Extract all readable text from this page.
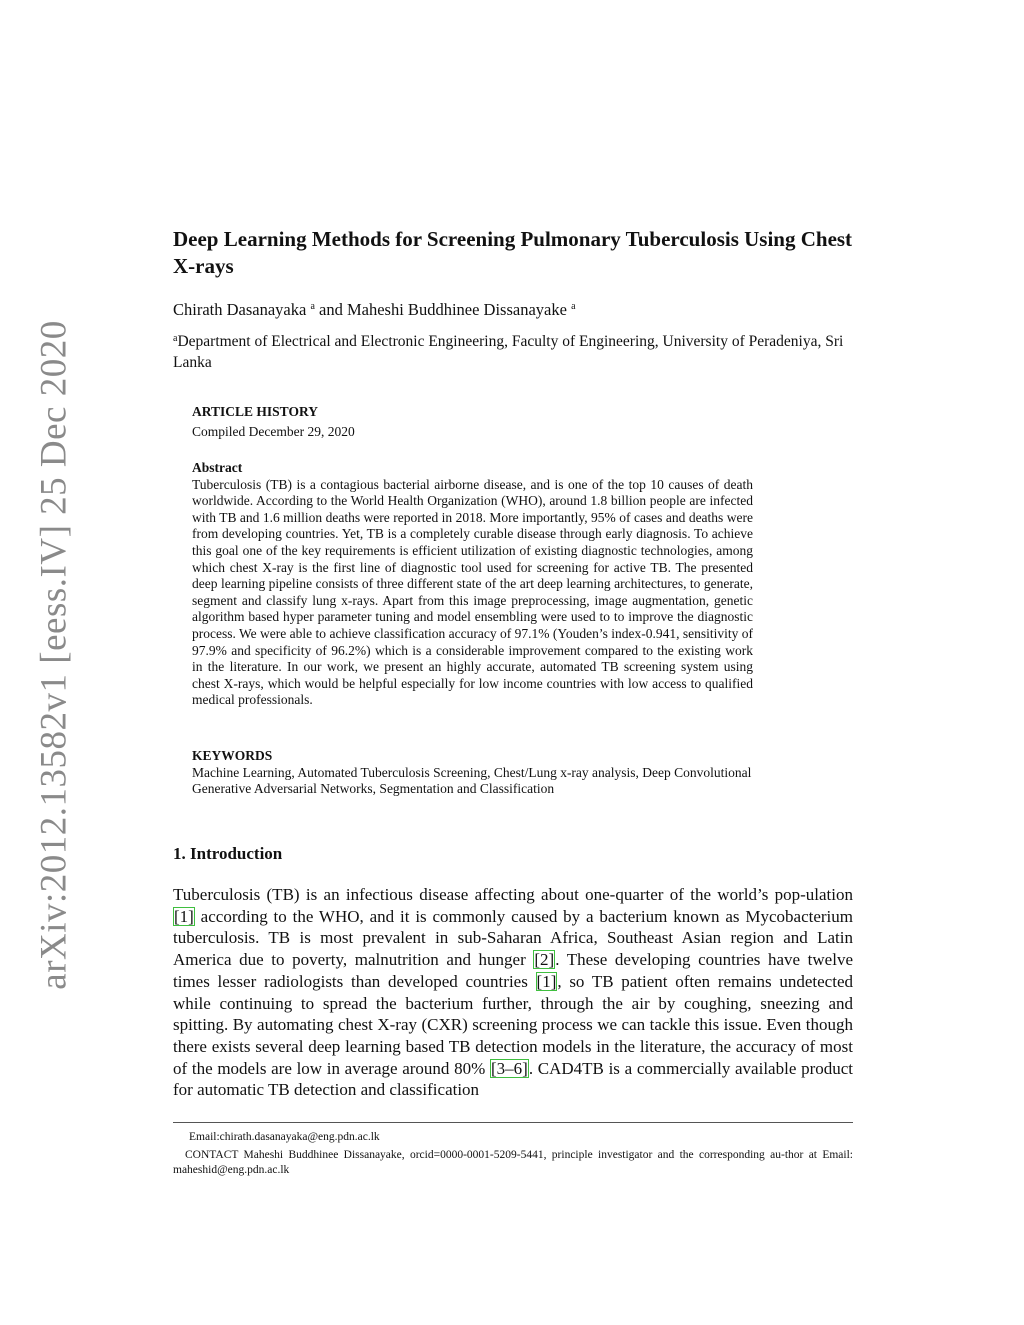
arXiv:2012.13582v1 [eess.IV] 25 Dec 2020
Deep Learning Methods for Screening Pulmonary Tuberculosis Using Chest X-rays
Chirath Dasanayaka $^a$ and Maheshi Buddhinee Dissanayake $^a$
$^a$Department of Electrical and Electronic Engineering, Faculty of Engineering, University of Peradeniya, Sri Lanka
ARTICLE HISTORY
Compiled December 29, 2020
Abstract
Tuberculosis (TB) is a contagious bacterial airborne disease, and is one of the top 10 causes of death worldwide. According to the World Health Organization (WHO), around 1.8 billion people are infected with TB and 1.6 million deaths were reported in 2018. More importantly, 95% of cases and deaths were from developing countries. Yet, TB is a completely curable disease through early diagnosis. To achieve this goal one of the key requirements is efficient utilization of existing diagnostic technologies, among which chest X-ray is the first line of diagnostic tool used for screening for active TB. The presented deep learning pipeline consists of three different state of the art deep learning architectures, to generate, segment and classify lung x-rays. Apart from this image preprocessing, image augmentation, genetic algorithm based hyper parameter tuning and model ensembling were used to to improve the diagnostic process. We were able to achieve classification accuracy of 97.1% (Youden’s index-0.941, sensitivity of 97.9% and specificity of 96.2%) which is a considerable improvement compared to the existing work in the literature. In our work, we present an highly accurate, automated TB screening system using chest X-rays, which would be helpful especially for low income countries with low access to qualified medical professionals.
KEYWORDS
Machine Learning, Automated Tuberculosis Screening, Chest/Lung x-ray analysis, Deep Convolutional Generative Adversarial Networks, Segmentation and Classification
1. Introduction

Tuberculosis (TB) is an infectious disease affecting about one-quarter of the world’s pop-ulation [1] according to the WHO, and it is commonly caused by a bacterium known as Mycobacterium tuberculosis. TB is most prevalent in sub-Saharan Africa, Southeast Asian region and Latin America due to poverty, malnutrition and hunger [2]. These developing countries have twelve times lesser radiologists than developed countries [1], so TB patient often remains undetected while continuing to spread the bacterium further, through the air by coughing, sneezing and spitting. By automating chest X-ray (CXR) screening process we can tackle this issue. Even though there exists several deep learning based TB detection models in the literature, the accuracy of most of the models are low in average around 80% [3–6]. CAD4TB is a commercially available product for automatic TB detection and classification

Email:chirath.dasanayaka@eng.pdn.ac.lk
CONTACT Maheshi Buddhinee Dissanayake, orcid=0000-0001-5209-5441, principle investigator and the corresponding au-thor at Email: maheshid@eng.pdn.ac.lk
